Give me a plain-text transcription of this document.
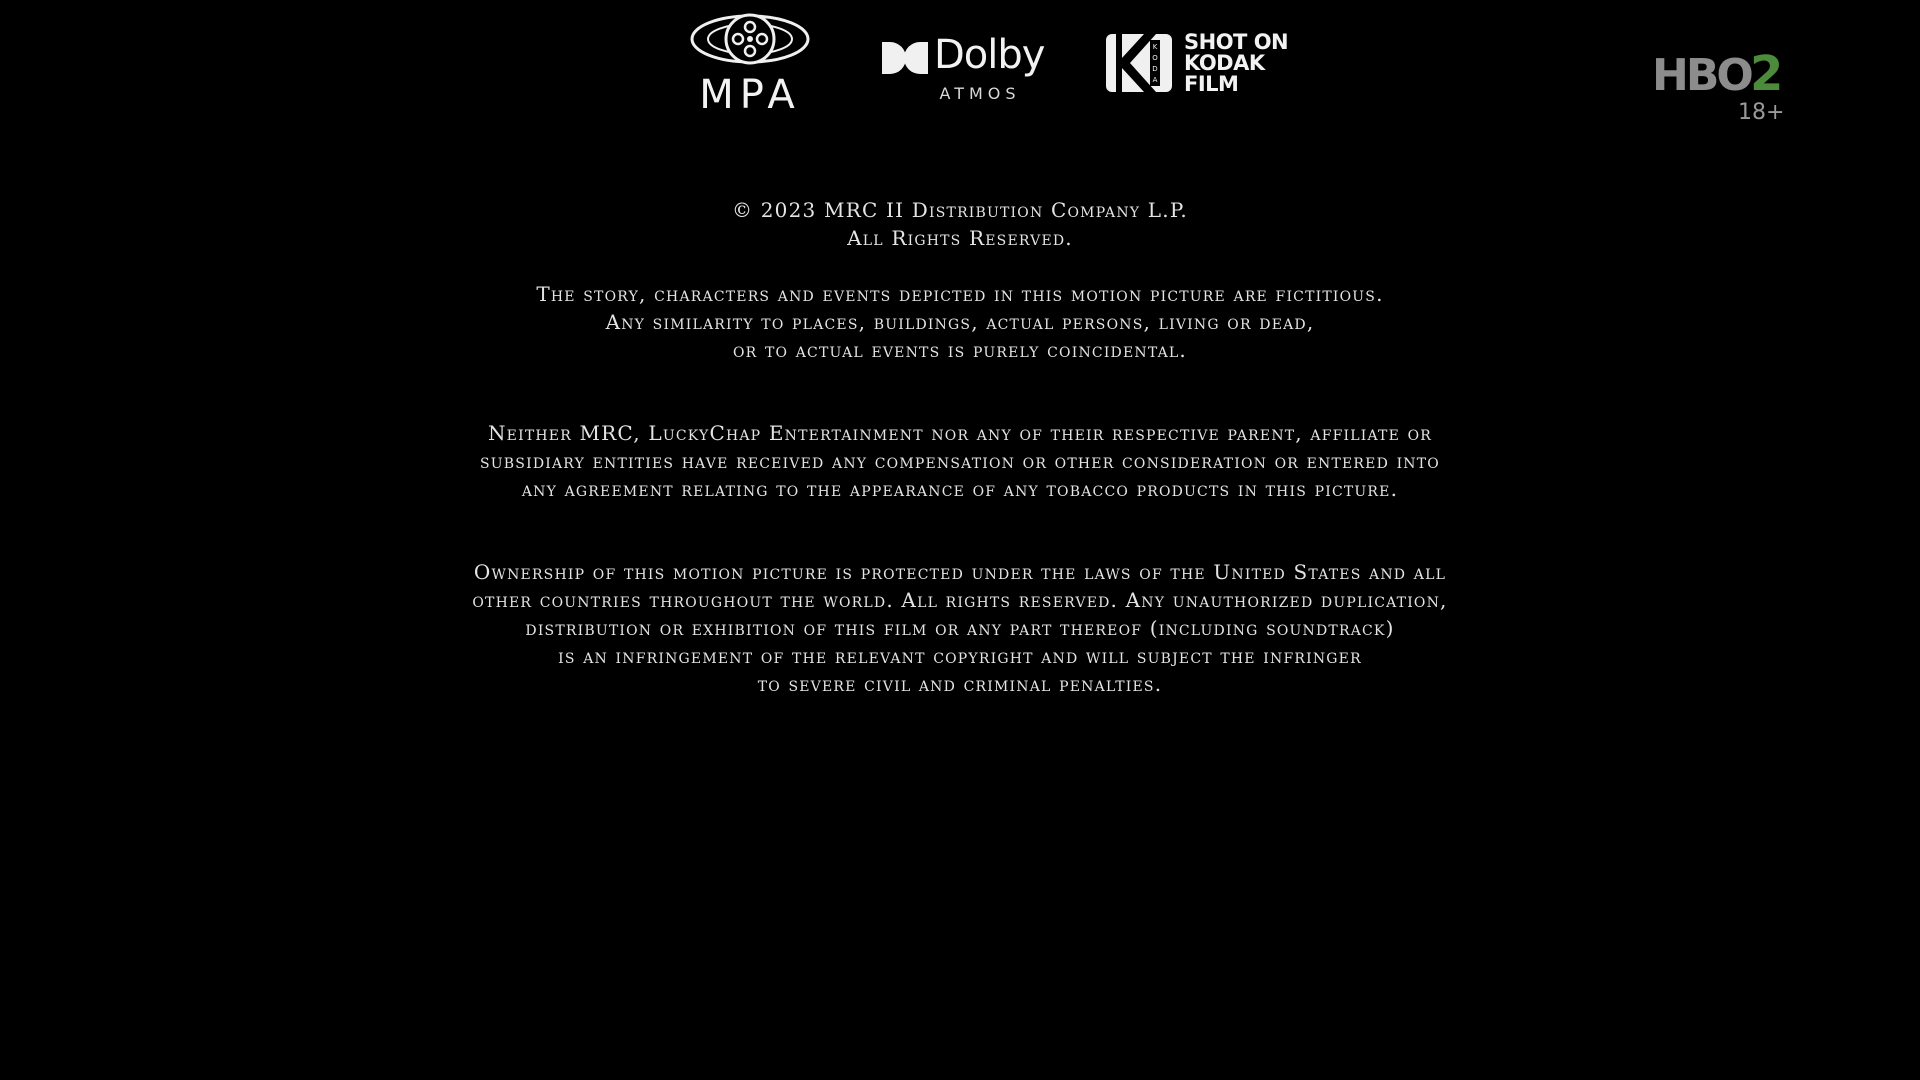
MPA
Dolby
ATMOS
K
O
D
A
SHOT ON
KODAK
FILM	HBO 2
18+

© 2023 MRC II Distribution Company L.P.

All Rights Reserved.

The story, characters and events depicted in this motion picture are fictitious.

Any similarity to places, buildings, actual persons, living or dead,

or to actual events is purely coincidental.

Neither MRC, LuckyChap Entertainment nor any of their respective parent, affiliate or

subsidiary entities have received any compensation or other consideration or entered into

any agreement relating to the appearance of any tobacco products in this picture.

Ownership of this motion picture is protected under the laws of the United States and all

other countries throughout the world. All rights reserved. Any unauthorized duplication,

distribution or exhibition of this film or any part thereof (including soundtrack)

is an infringement of the relevant copyright and will subject the infringer

to severe civil and criminal penalties.
